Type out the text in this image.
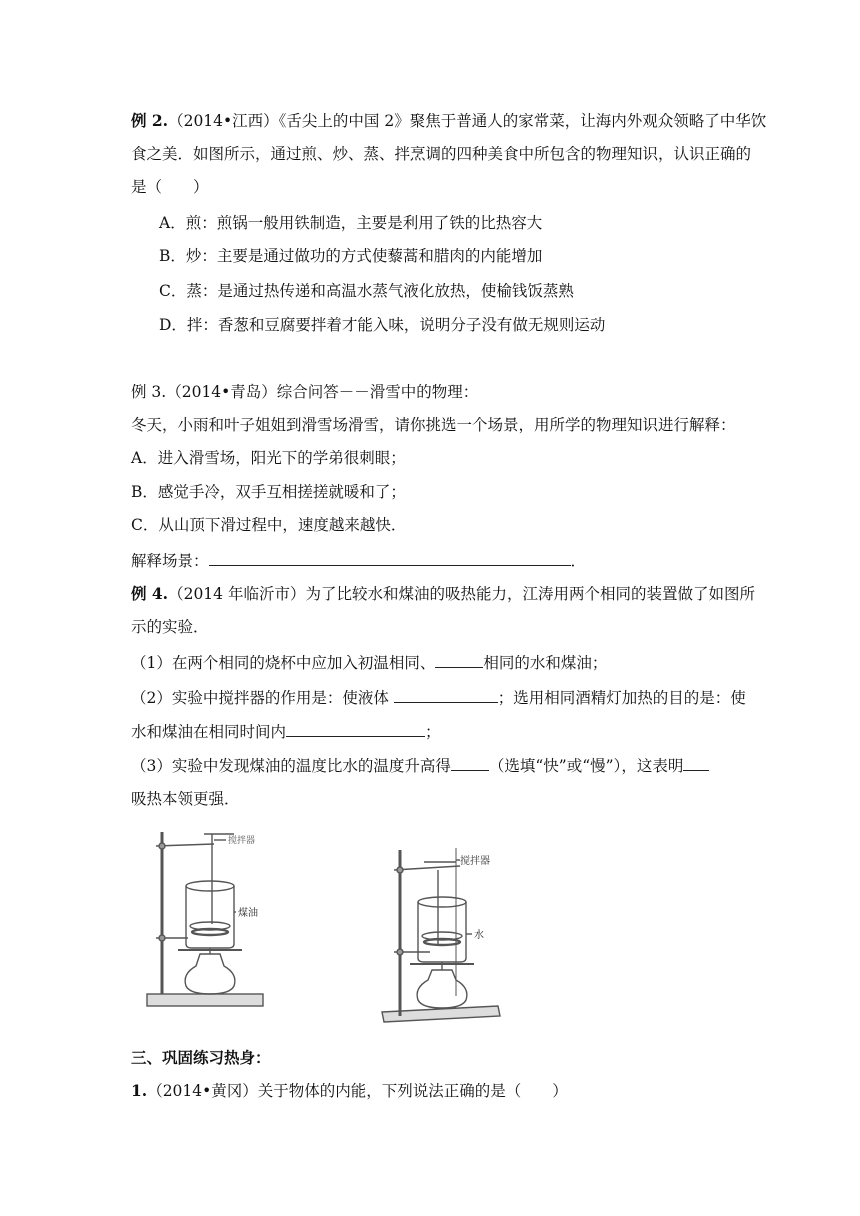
例 2.（2014•江西）《舌尖上的中国 2》聚焦于普通人的家常菜，让海内外观众领略了中华饮
食之美．如图所示，通过煎、炒、蒸、拌烹调的四种美食中所包含的物理知识，认识正确的
是（　　）
A．煎：煎锅一般用铁制造，主要是利用了铁的比热容大
B．炒：主要是通过做功的方式使藜蒿和腊肉的内能增加
C．蒸：是通过热传递和高温水蒸气液化放热，使榆钱饭蒸熟
D．拌：香葱和豆腐要拌着才能入味，说明分子没有做无规则运动
例 3.（2014•青岛）综合问答－－滑雪中的物理：
冬天，小雨和叶子姐姐到滑雪场滑雪，请你挑选一个场景，用所学的物理知识进行解释：
A．进入滑雪场，阳光下的学弟很刺眼；
B．感觉手冷，双手互相搓搓就暖和了；
C．从山顶下滑过程中，速度越来越快．
解释场景：	．
例 4.（2014 年临沂市）为了比较水和煤油的吸热能力，江涛用两个相同的装置做了如图所
示的实验．
（1）在两个相同的烧杯中应加入初温相同、	相同的水和煤油；
（2）实验中搅拌器的作用是：使液体	；选用相同酒精灯加热的目的是：使
水和煤油在相同时间内	；
（3）实验中发现煤油的温度比水的温度升高得 （选填“快”或“慢”），这表明
吸热本领更强．
搅拌器
煤油
搅拌器
水
三、巩固练习热身：
1.（2014•黄冈）关于物体的内能，下列说法正确的是（　　）
